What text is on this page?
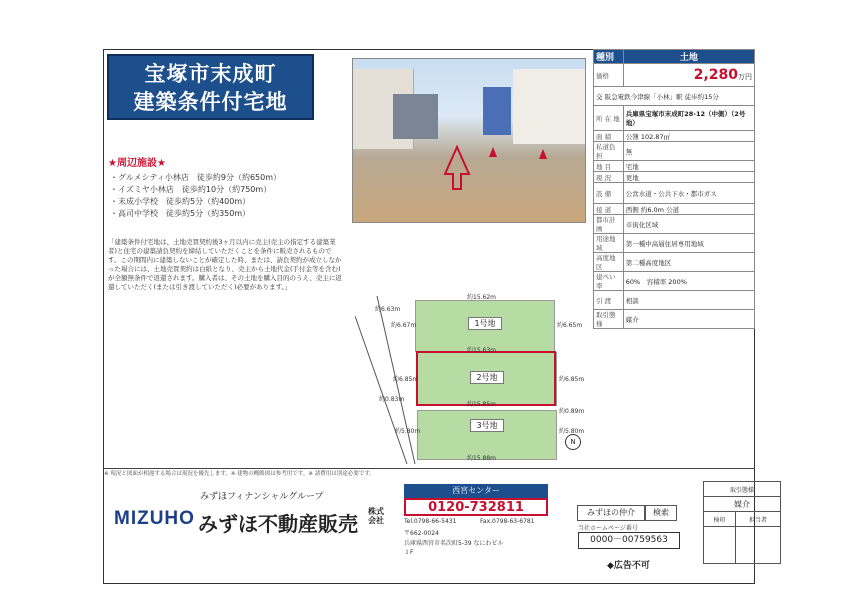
宝塚市末成町
建築条件付宅地
★周辺施設★
・グルメシティ小林店　徒歩約9分（約650m）
・イズミヤ小林店　徒歩約10分（約750m）
・末成小学校　徒歩約5分（約400m）
・高司中学校　徒歩約5分（約350m）
「建築条件付宅地は、土地売買契約後3ヶ月以内に売主(売主の指定する建築業者)と住宅の建築請負契約を締結していただくことを条件に販売されるものです。この期間内に建築しないことが確定した時、または、請負契約が成立しなかった場合には、土地売買契約は白紙となり、売主から土地代金(手付金等を含む)が全額無条件で返還されます。購入者は、その土地を購入目的のうえ、売主に返還していただく(または引き渡していただく)必要があります。」
1号地
2号地
3号地
約15.62m
約6.63m
約15.63m
約15.85m
約15.88m
約6.67m	約6.65m
約6.85m	約6.85m
約5.80m	約5.80m
約0.83m
約0.89m
N
種別	土地
価格	2,280万円
交 阪急電鉄今津線「小林」駅 徒歩約15分	
所 在 地	兵庫県宝塚市末成町28-12（中側）（2号地）
面 積	公簿 102.87㎡
私道負担	無
地 目	宅地
現 況	更地
設 備	公営水道・公共下水・都市ガス
接 道	西側 約6.0m 公道
都市計画	市街化区域
用途地域	第一種中高層住居専用地域
高度地区	第二種高度地区
建ぺい率	60%　 容積率 200%
引 渡	相談
取引態様	媒介
※ 現況と図面が相違する場合は現況を優先します。※ 建物の概略図は参考用です。※ 諸費用は別途必要です。
みずほフィナンシャルグループ
MIZUHO みずほ不動産販売
株式
会社
西宮センター
0120-732811
Tel.0798-66-5431	Fax.0798-63-6781
〒662-0024
兵庫県西宮市名次町5-39 なにわビル１F
みずほの仲介	検索
当社ホームページ番号
0000－00759563
◆広告不可
取引態様	
媒介	
検印	担当者
